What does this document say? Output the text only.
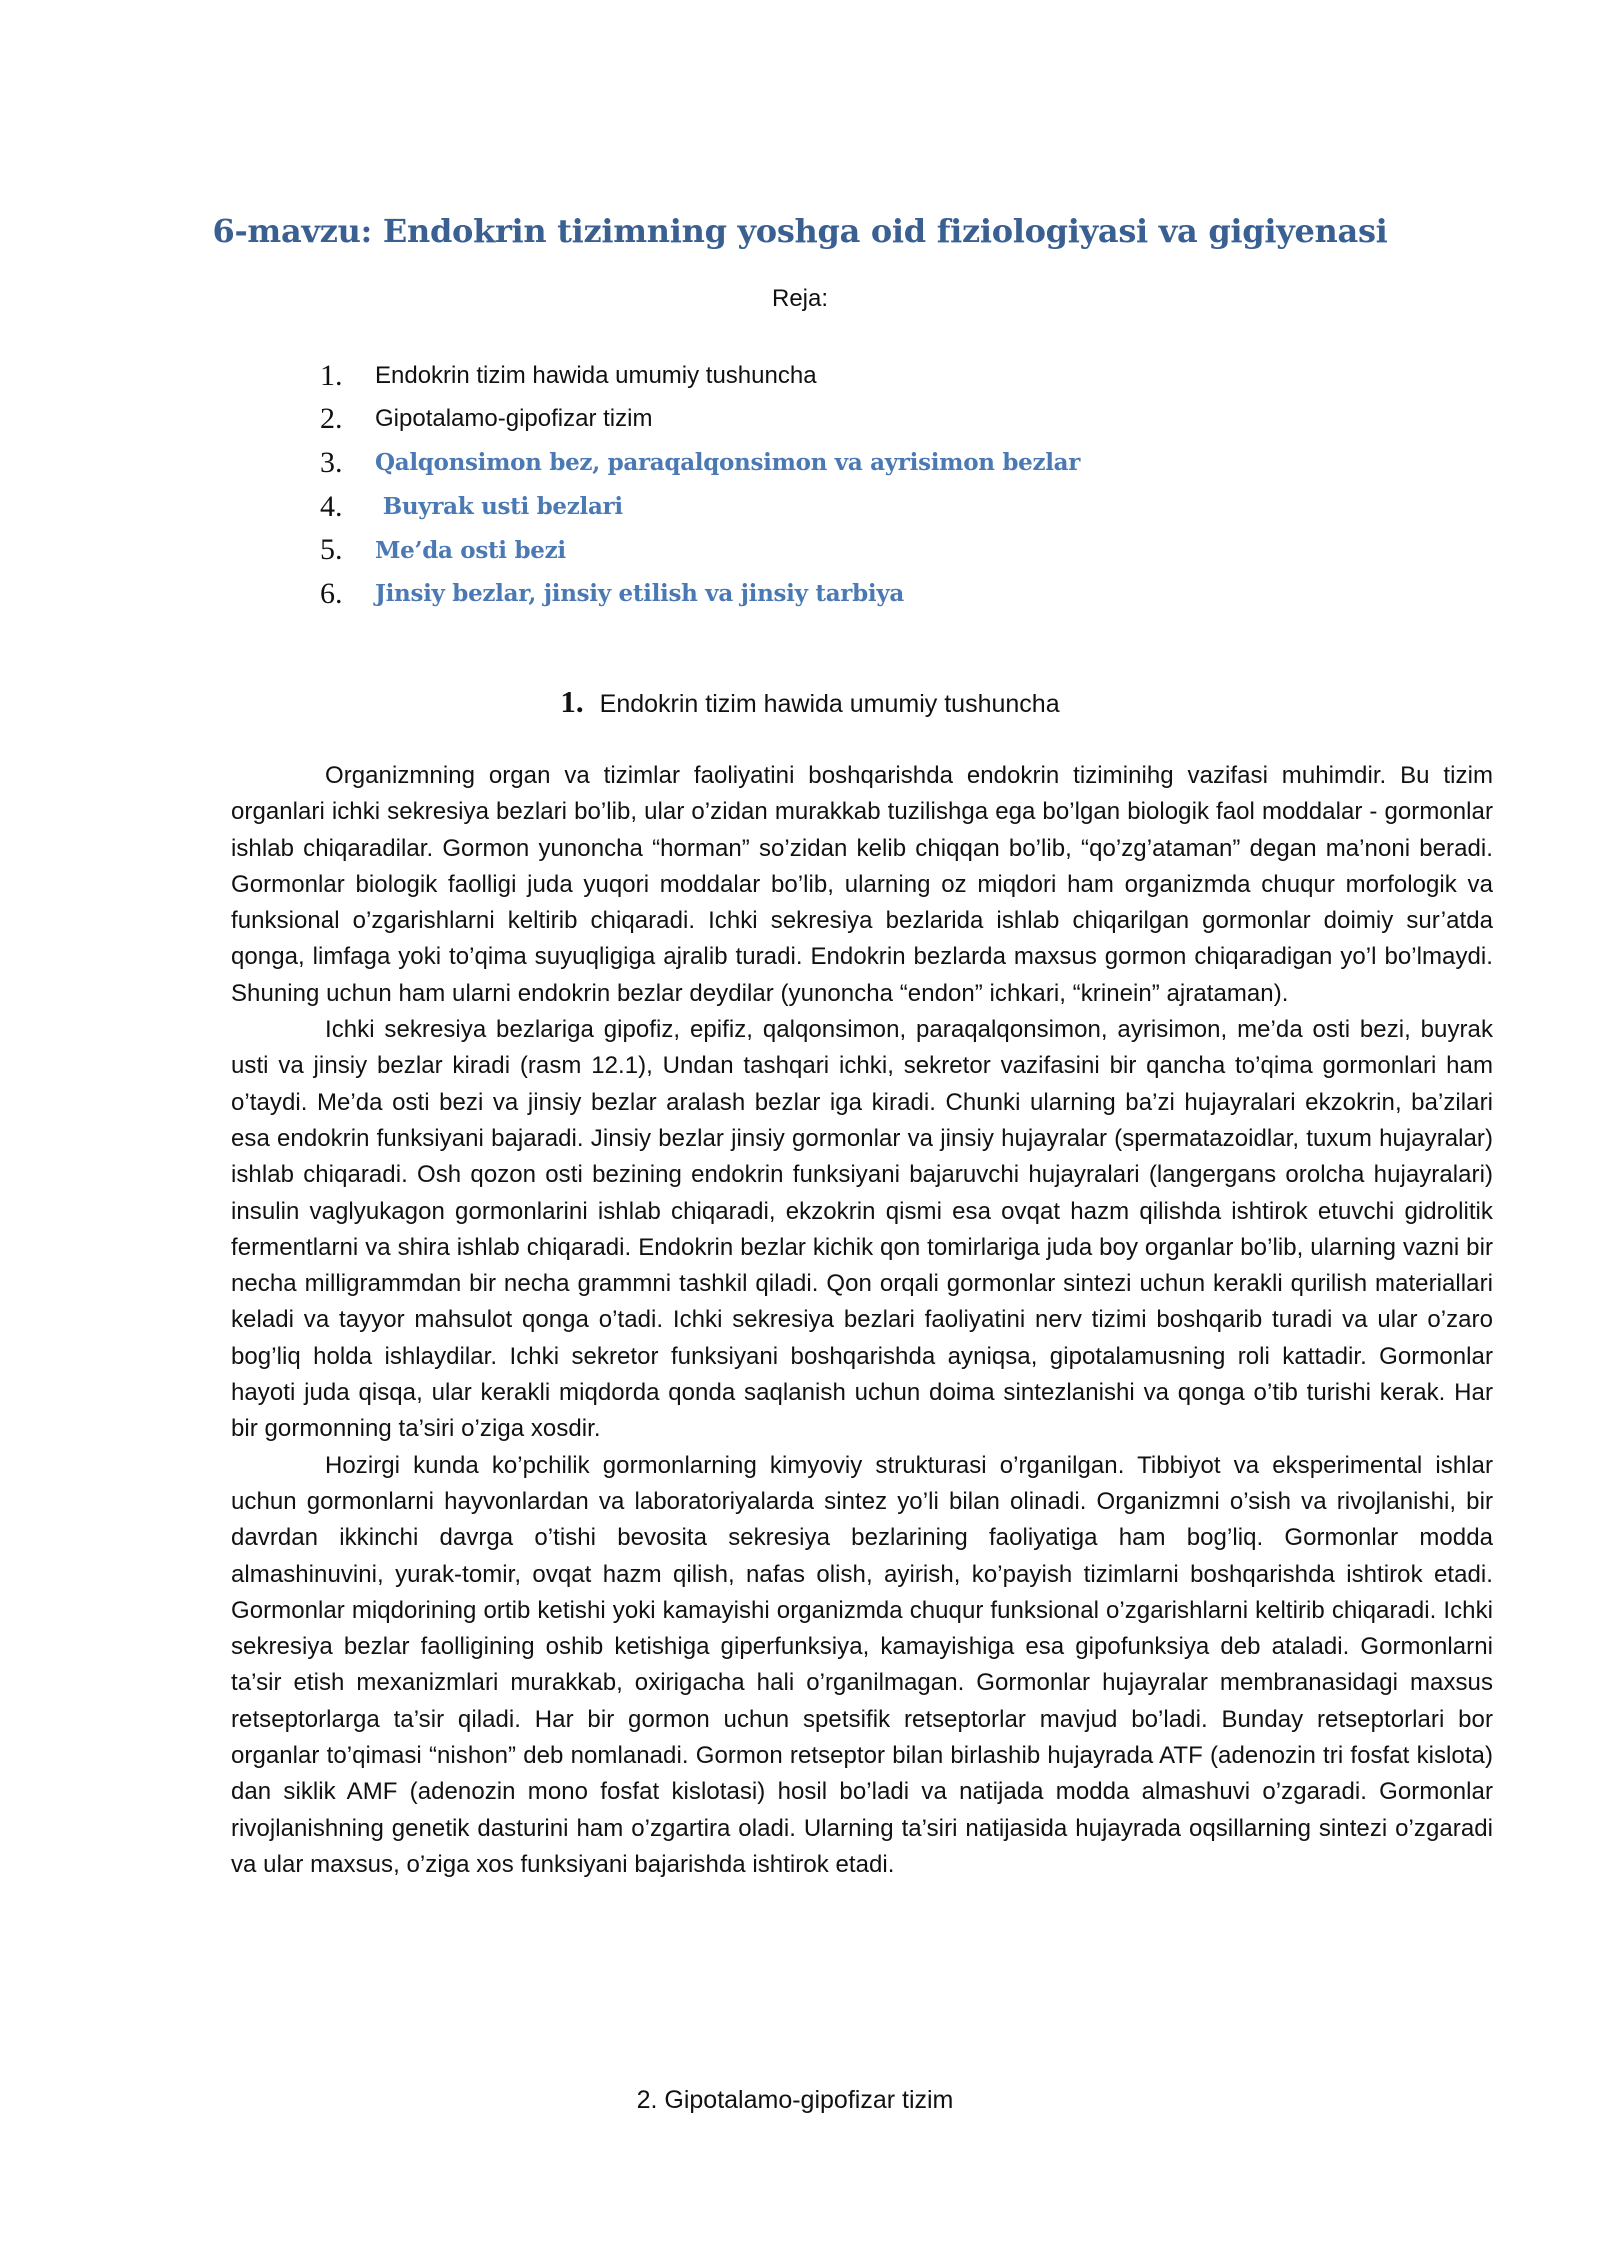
6-mavzu: Endokrin tizimning yoshga oid fiziologiyasi va gigiyenasi
Reja:
1.	Endokrin tizim hawida umumiy tushuncha
2.	Gipotalamo-gipofizar tizim
3.	Qalqonsimon bez, paraqalqonsimon va ayrisimon bezlar
4.	Buyrak usti bezlari
5.	Me’da osti bezi
6.	Jinsiy bezlar, jinsiy etilish va jinsiy tarbiya
1. Endokrin tizim hawida umumiy tushuncha

Organizmning organ va tizimlar faoliyatini boshqarishda endokrin tiziminihg vazifasi muhimdir. Bu tizim organlari ichki sekresiya bezlari bo’lib, ular o’zidan murakkab tuzilishga ega bo’lgan biologik faol moddalar - gormonlar ishlab chiqaradilar. Gormon yunoncha “horman” so’zidan kelib chiqqan bo’lib, “qo’zg’ataman” degan ma’noni beradi. Gormonlar biologik faolligi juda yuqori moddalar bo’lib, ularning oz miqdori ham organizmda chuqur morfologik va funksional o’zgarishlarni keltirib chiqaradi. Ichki sekresiya bezlarida ishlab chiqarilgan gormonlar doimiy sur’atda qonga, limfaga yoki to’qima suyuqligiga ajralib turadi. Endokrin bezlarda maxsus gormon chiqaradigan yo’l bo’lmaydi. Shuning uchun ham ularni endokrin bezlar deydilar (yunoncha “endon” ichkari, “krinein” ajrataman).

Ichki sekresiya bezlariga gipofiz, epifiz, qalqonsimon, paraqalqonsimon, ayrisimon, me’da osti bezi, buyrak usti va jinsiy bezlar kiradi (rasm 12.1), Undan tashqari ichki, sekretor vazifasini bir qancha to’qima gormonlari ham o’taydi. Me’da osti bezi va jinsiy bezlar aralash bezlar iga kiradi. Chunki ularning ba’zi hujayralari ekzokrin, ba’zilari esa endokrin funksiyani bajaradi. Jinsiy bezlar jinsiy gormonlar va jinsiy hujayralar (spermatazoidlar, tuxum hujayralar) ishlab chiqaradi. Osh qozon osti bezining endokrin funksiyani bajaruvchi hujayralari (langergans orolcha hujayralari) insulin vaglyukagon gormonlarini ishlab chiqaradi, ekzokrin qismi esa ovqat hazm qilishda ishtirok etuvchi gidrolitik fermentlarni va shira ishlab chiqaradi. Endokrin bezlar kichik qon tomirlariga juda boy organlar bo’lib, ularning vazni bir necha milligrammdan bir necha grammni tashkil qiladi. Qon orqali gormonlar sintezi uchun kerakli qurilish materiallari keladi va tayyor mahsulot qonga o’tadi. Ichki sekresiya bezlari faoliyatini nerv tizimi boshqarib turadi va ular o’zaro bog’liq holda ishlaydilar. Ichki sekretor funksiyani boshqarishda ayniqsa, gipotalamusning roli kattadir. Gormonlar hayoti juda qisqa, ular kerakli miqdorda qonda saqlanish uchun doima sintezlanishi va qonga o’tib turishi kerak. Har bir gormonning ta’siri o’ziga xosdir.

Hozirgi kunda ko’pchilik gormonlarning kimyoviy strukturasi o’rganilgan. Tibbiyot va eksperimental ishlar uchun gormonlarni hayvonlardan va laboratoriyalarda sintez yo’li bilan olinadi. Organizmni o’sish va rivojlanishi, bir davrdan ikkinchi davrga o’tishi bevosita sekresiya bezlarining faoliyatiga ham bog’liq. Gormonlar modda almashinuvini, yurak-tomir, ovqat hazm qilish, nafas olish, ayirish, ko’payish tizimlarni boshqarishda ishtirok etadi. Gormonlar miqdorining ortib ketishi yoki kamayishi organizmda chuqur funksional o’zgarishlarni keltirib chiqaradi. Ichki sekresiya bezlar faolligining oshib ketishiga giperfunksiya, kamayishiga esa gipofunksiya deb ataladi. Gormonlarni ta’sir etish mexanizmlari murakkab, oxirigacha hali o’rganilmagan. Gormonlar hujayralar membranasidagi maxsus retseptorlarga ta’sir qiladi. Har bir gormon uchun spetsifik retseptorlar mavjud bo’ladi. Bunday retseptorlari bor organlar to’qimasi “nishon” deb nomlanadi. Gormon retseptor bilan birlashib hujayrada ATF (adenozin tri fosfat kislota) dan siklik AMF (adenozin mono fosfat kislotasi) hosil bo’ladi va natijada modda almashuvi o’zgaradi. Gormonlar rivojlanishning genetik dasturini ham o’zgartira oladi. Ularning ta’siri natijasida hujayrada oqsillarning sintezi o’zgaradi va ular maxsus, o’ziga xos funksiyani bajarishda ishtirok etadi.

2. Gipotalamo-gipofizar tizim
